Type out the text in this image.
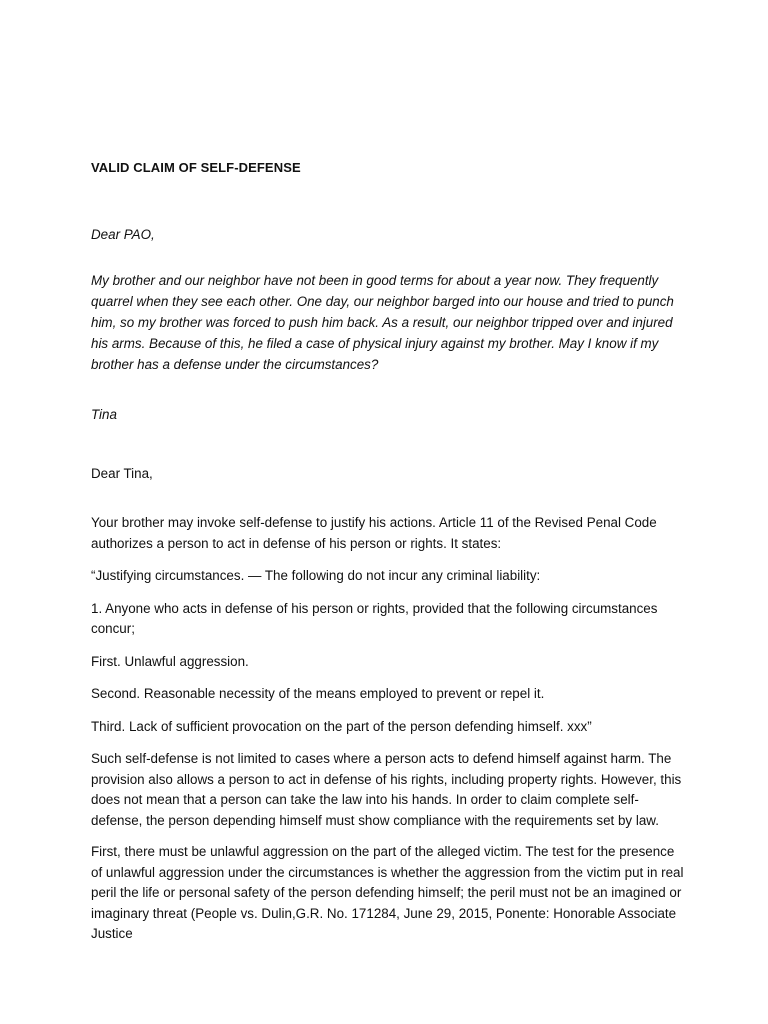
VALID CLAIM OF SELF-DEFENSE

Dear PAO,
My brother and our neighbor have not been in good terms for about a year now. They frequently quarrel when they see each other. One day, our neighbor barged into our house and tried to punch him, so my brother was forced to push him back. As a result, our neighbor tripped over and injured his arms. Because of this, he filed a case of physical injury against my brother. May I know if my brother has a defense under the circumstances?
Tina
Dear Tina,
Your brother may invoke self-defense to justify his actions. Article 11 of the Revised Penal Code authorizes a person to act in defense of his person or rights. It states:
“Justifying circumstances. — The following do not incur any criminal liability:
1. Anyone who acts in defense of his person or rights, provided that the following circumstances concur;
First. Unlawful aggression.
Second. Reasonable necessity of the means employed to prevent or repel it.
Third. Lack of sufficient provocation on the part of the person defending himself. xxx”
Such self-defense is not limited to cases where a person acts to defend himself against harm. The provision also allows a person to act in defense of his rights, including property rights. However, this does not mean that a person can take the law into his hands. In order to claim complete self-defense, the person depending himself must show compliance with the requirements set by law.
First, there must be unlawful aggression on the part of the alleged victim. The test for the presence of unlawful aggression under the circumstances is whether the aggression from the victim put in real peril the life or personal safety of the person defending himself; the peril must not be an imagined or imaginary threat (People vs. Dulin,G.R. No. 171284, June 29, 2015, Ponente: Honorable Associate Justice
